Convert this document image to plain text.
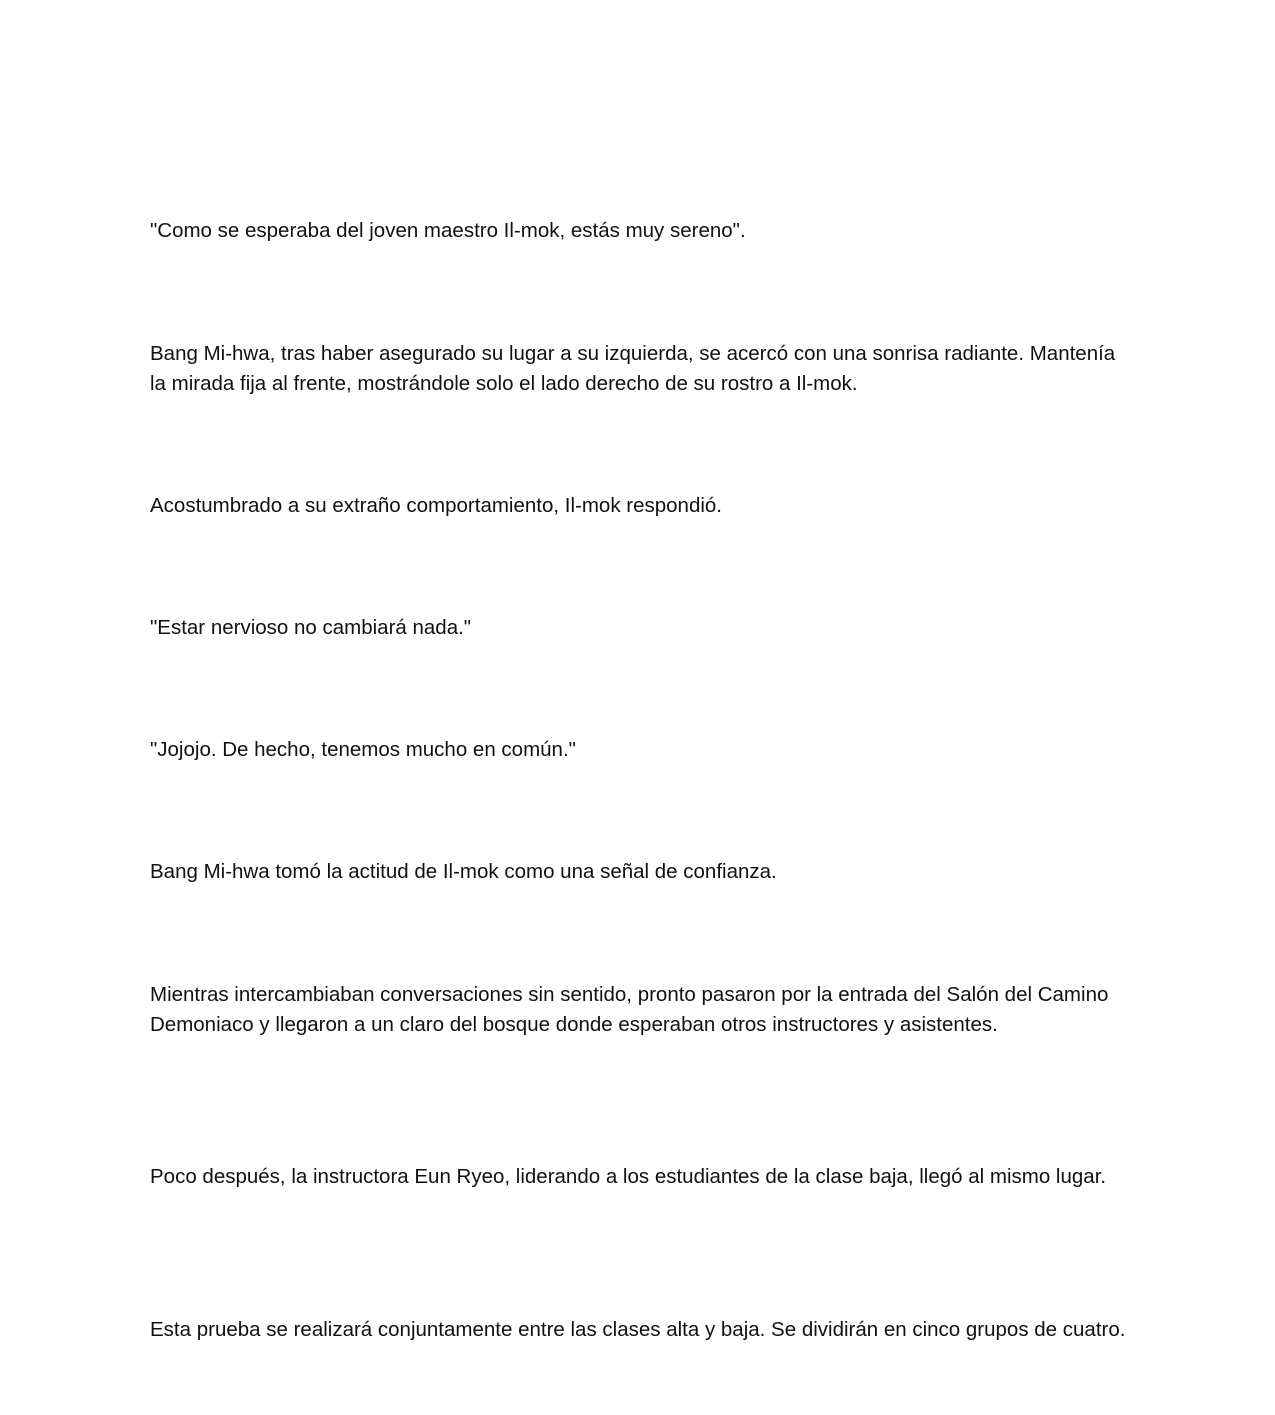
"Como se esperaba del joven maestro Il-mok, estás muy sereno".

Bang Mi-hwa, tras haber asegurado su lugar a su izquierda, se acercó con una sonrisa radiante. Mantenía la mirada fija al frente, mostrándole solo el lado derecho de su rostro a Il-mok.

Acostumbrado a su extraño comportamiento, Il-mok respondió.

"Estar nervioso no cambiará nada."

"Jojojo. De hecho, tenemos mucho en común."

Bang Mi-hwa tomó la actitud de Il-mok como una señal de confianza.

Mientras intercambiaban conversaciones sin sentido, pronto pasaron por la entrada del Salón del Camino Demoniaco y llegaron a un claro del bosque donde esperaban otros instructores y asistentes.

Poco después, la instructora Eun Ryeo, liderando a los estudiantes de la clase baja, llegó al mismo lugar.

Esta prueba se realizará conjuntamente entre las clases alta y baja. Se dividirán en cinco grupos de cuatro.
